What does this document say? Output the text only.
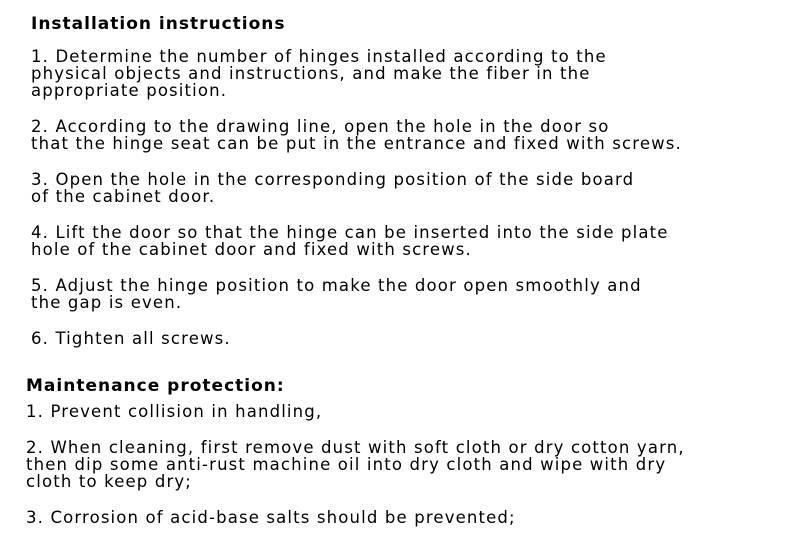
Installation instructions

1. Determine the number of hinges installed according to the
physical objects and instructions, and make the fiber in the
appropriate position.

2. According to the drawing line, open the hole in the door so
that the hinge seat can be put in the entrance and fixed with screws.

3. Open the hole in the corresponding position of the side board
of the cabinet door.

4. Lift the door so that the hinge can be inserted into the side plate
hole of the cabinet door and fixed with screws.

5. Adjust the hinge position to make the door open smoothly and
the gap is even.

6. Tighten all screws.

Maintenance protection:

1. Prevent collision in handling,

2. When cleaning, first remove dust with soft cloth or dry cotton yarn,
then dip some anti-rust machine oil into dry cloth and wipe with dry
cloth to keep dry;

3. Corrosion of acid-base salts should be prevented;
